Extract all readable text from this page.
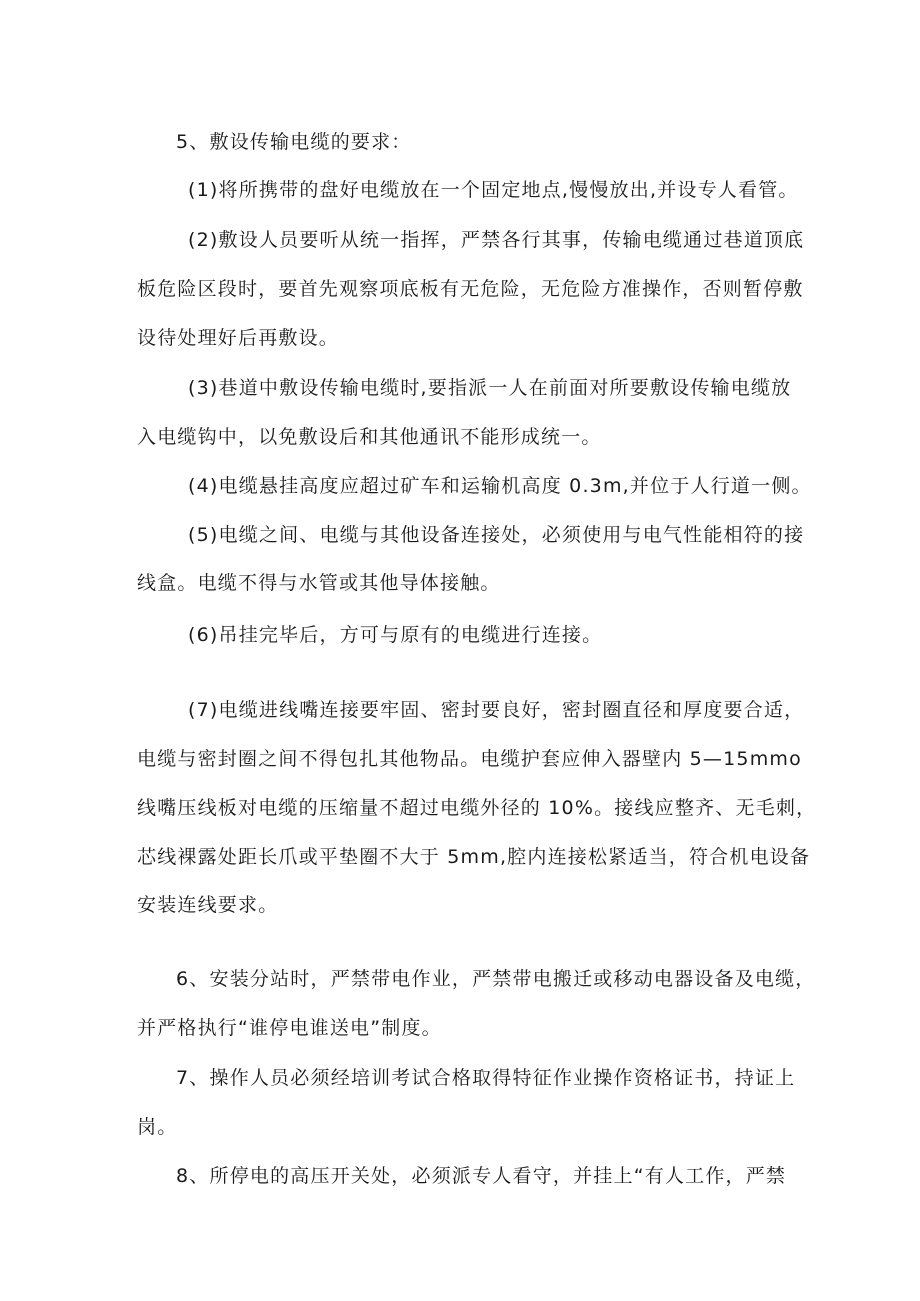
5、敷设传输电缆的要求：
(1)将所携带的盘好电缆放在一个固定地点,慢慢放出,并设专人看管。
(2)敷设人员要听从统一指挥，严禁各行其事，传输电缆通过巷道顶底
板危险区段时，要首先观察项底板有无危险，无危险方准操作，否则暂停敷
设待处理好后再敷设。
(3)巷道中敷设传输电缆时,要指派一人在前面对所要敷设传输电缆放
入电缆钩中，以免敷设后和其他通讯不能形成统一。
(4)电缆悬挂高度应超过矿车和运输机高度 0.3m,并位于人行道一侧。
(5)电缆之间、电缆与其他设备连接处，必须使用与电气性能相符的接
线盒。电缆不得与水管或其他导体接触。
(6)吊挂完毕后，方可与原有的电缆进行连接。
(7)电缆进线嘴连接要牢固、密封要良好，密封圈直径和厚度要合适，
电缆与密封圈之间不得包扎其他物品。电缆护套应伸入器壁内 5—15mmo
线嘴压线板对电缆的压缩量不超过电缆外径的 10%。接线应整齐、无毛刺，
芯线裸露处距长爪或平垫圈不大于 5mm,腔内连接松紧适当，符合机电设备
安装连线要求。
6、安装分站时，严禁带电作业，严禁带电搬迁或移动电器设备及电缆，
并严格执行“谁停电谁送电”制度。
7、操作人员必须经培训考试合格取得特征作业操作资格证书，持证上
岗。
8、所停电的高压开关处，必须派专人看守，并挂上“有人工作，严禁
